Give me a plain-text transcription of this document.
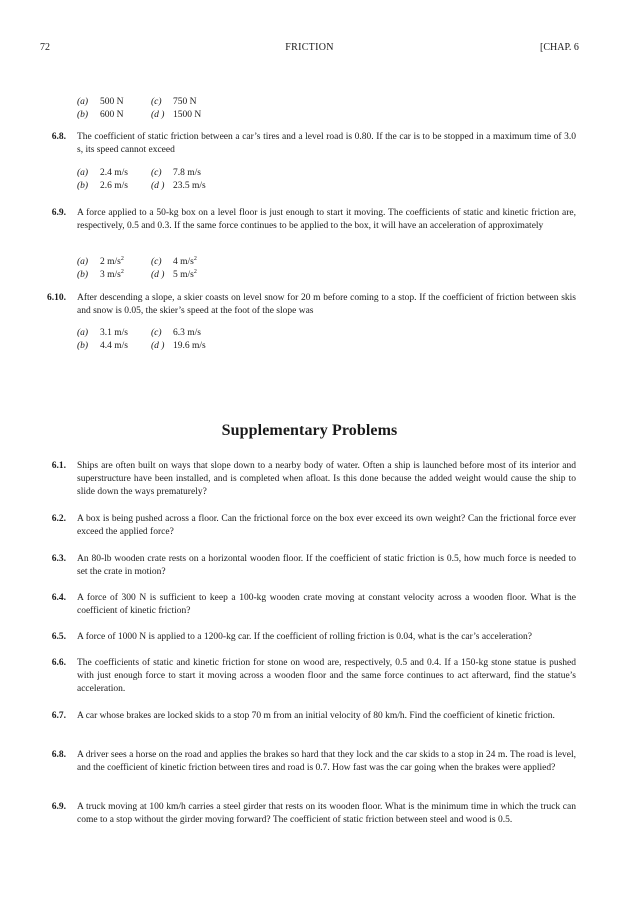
72	FRICTION	[CHAP. 6
(a)	500 N	(c)	750 N
(b)	600 N	(d ) 1500 N
6.8. The coefficient of static friction between a car’s tires and a level road is 0.80. If the car is to be stopped in a maximum time of 3.0 s, its speed cannot exceed
(a)	2.4 m/s	(c)	7.8 m/s
(b)	2.6 m/s	(d ) 23.5 m/s
6.9. A force applied to a 50-kg box on a level floor is just enough to start it moving. The coefficients of static and kinetic friction are, respectively, 0.5 and 0.3. If the same force continues to be applied to the box, it will have an acceleration of approximately
(a)	2 $m/s^2$	(c)	4 $m/s^2$
(b)	3 $m/s^2$	(d ) 5 $m/s^2$
6.10. After descending a slope, a skier coasts on level snow for 20 m before coming to a stop. If the coefficient of friction between skis and snow is 0.05, the skier’s speed at the foot of the slope was
(a)	3.1 m/s	(c)	6.3 m/s
(b)	4.4 m/s	(d ) 19.6 m/s
Supplementary Problems
6.1. Ships are often built on ways that slope down to a nearby body of water. Often a ship is launched before most of its interior and superstructure have been installed, and is completed when afloat. Is this done because the added weight would cause the ship to slide down the ways prematurely?
6.2. A box is being pushed across a floor. Can the frictional force on the box ever exceed its own weight? Can the frictional force ever exceed the applied force?
6.3. An 80-lb wooden crate rests on a horizontal wooden floor. If the coefficient of static friction is 0.5, how much force is needed to set the crate in motion?
6.4. A force of 300 N is sufficient to keep a 100-kg wooden crate moving at constant velocity across a wooden floor. What is the coefficient of kinetic friction?
6.5. A force of 1000 N is applied to a 1200-kg car. If the coefficient of rolling friction is 0.04, what is the car’s acceleration?
6.6. The coefficients of static and kinetic friction for stone on wood are, respectively, 0.5 and 0.4. If a 150-kg stone statue is pushed with just enough force to start it moving across a wooden floor and the same force continues to act afterward, find the statue’s acceleration.
6.7. A car whose brakes are locked skids to a stop 70 m from an initial velocity of 80 km/h. Find the coefficient of kinetic friction.
6.8. A driver sees a horse on the road and applies the brakes so hard that they lock and the car skids to a stop in 24 m. The road is level, and the coefficient of kinetic friction between tires and road is 0.7. How fast was the car going when the brakes were applied?
6.9. A truck moving at 100 km/h carries a steel girder that rests on its wooden floor. What is the minimum time in which the truck can come to a stop without the girder moving forward? The coefficient of static friction between steel and wood is 0.5.
